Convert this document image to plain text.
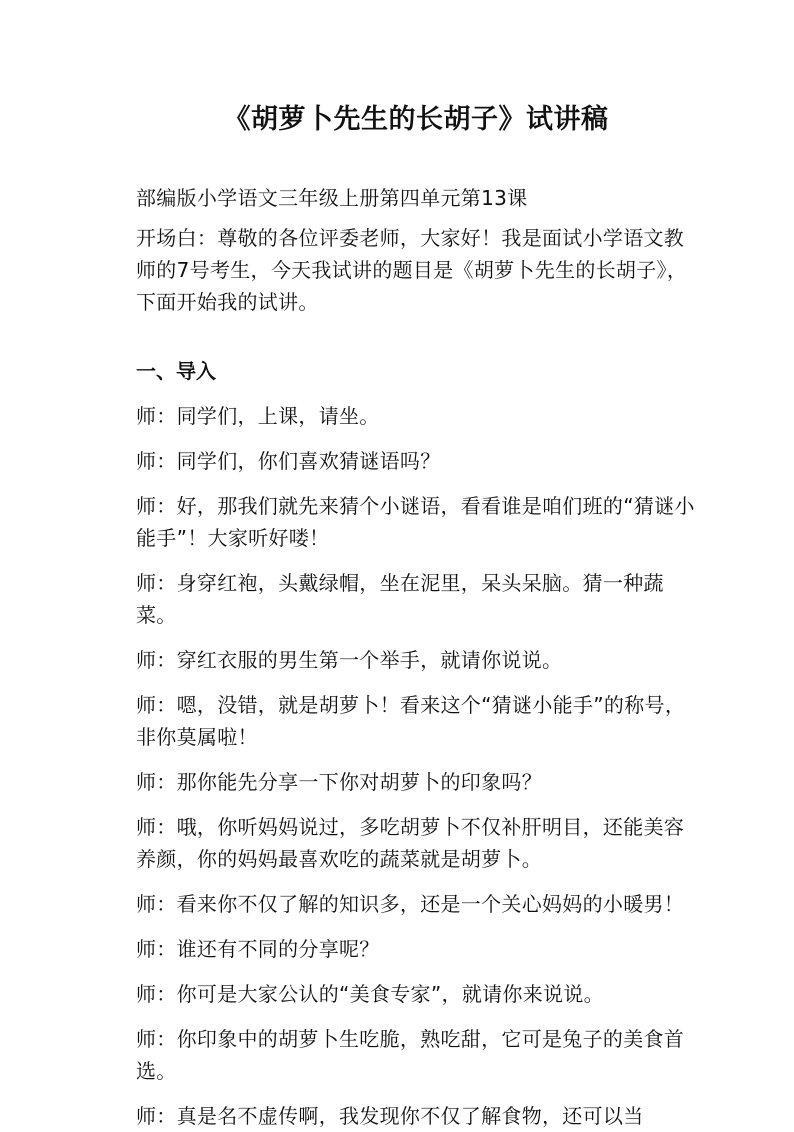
《胡萝卜先生的长胡子》试讲稿

部编版小学语文三年级上册第四单元第13课

开场白：尊敬的各位评委老师，大家好！我是面试小学语文教师的7号考生，今天我试讲的题目是《胡萝卜先生的长胡子》，下面开始我的试讲。

一、导入

师：同学们，上课，请坐。

师：同学们，你们喜欢猜谜语吗？

师：好，那我们就先来猜个小谜语，看看谁是咱们班的“猜谜小能手”！大家听好喽！

师：身穿红袍，头戴绿帽，坐在泥里，呆头呆脑。猜一种蔬菜。

师：穿红衣服的男生第一个举手，就请你说说。

师：嗯，没错，就是胡萝卜！看来这个“猜谜小能手”的称号，非你莫属啦！

师：那你能先分享一下你对胡萝卜的印象吗？

师：哦，你听妈妈说过，多吃胡萝卜不仅补肝明目，还能美容养颜，你的妈妈最喜欢吃的蔬菜就是胡萝卜。

师：看来你不仅了解的知识多，还是一个关心妈妈的小暖男！

师：谁还有不同的分享呢？

师：你可是大家公认的“美食专家”，就请你来说说。

师：你印象中的胡萝卜生吃脆，熟吃甜，它可是兔子的美食首选。

师：真是名不虚传啊，我发现你不仅了解食物，还可以当
